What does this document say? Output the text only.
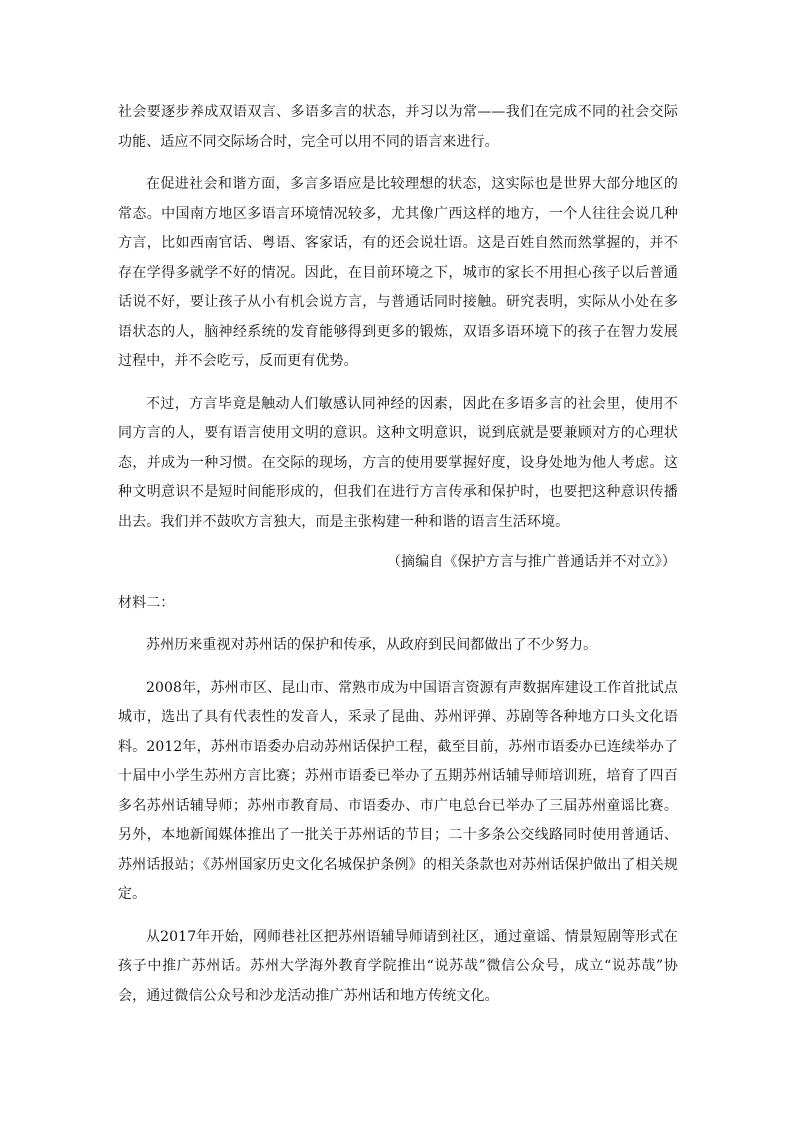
社会要逐步养成双语双言、多语多言的状态，并习以为常——我们在完成不同的社会交际功能、适应不同交际场合时，完全可以用不同的语言来进行。

在促进社会和谐方面，多言多语应是比较理想的状态，这实际也是世界大部分地区的常态。中国南方地区多语言环境情况较多，尤其像广西这样的地方，一个人往往会说几种方言，比如西南官话、粤语、客家话，有的还会说壮语。这是百姓自然而然掌握的，并不存在学得多就学不好的情况。因此，在目前环境之下，城市的家长不用担心孩子以后普通话说不好，要让孩子从小有机会说方言，与普通话同时接触。研究表明，实际从小处在多语状态的人，脑神经系统的发育能够得到更多的锻炼，双语多语环境下的孩子在智力发展过程中，并不会吃亏，反而更有优势。

不过，方言毕竟是触动人们敏感认同神经的因素，因此在多语多言的社会里，使用不同方言的人，要有语言使用文明的意识。这种文明意识，说到底就是要兼顾对方的心理状态，并成为一种习惯。在交际的现场，方言的使用要掌握好度，设身处地为他人考虑。这种文明意识不是短时间能形成的，但我们在进行方言传承和保护时，也要把这种意识传播出去。我们并不鼓吹方言独大，而是主张构建一种和谐的语言生活环境。

（摘编自《保护方言与推广普通话并不对立》）

材料二：

苏州历来重视对苏州话的保护和传承，从政府到民间都做出了不少努力。

2008年，苏州市区、昆山市、常熟市成为中国语言资源有声数据库建设工作首批试点城市，选出了具有代表性的发音人，采录了昆曲、苏州评弹、苏剧等各种地方口头文化语料。2012年，苏州市语委办启动苏州话保护工程，截至目前，苏州市语委办已连续举办了十届中小学生苏州方言比赛；苏州市语委已举办了五期苏州话辅导师培训班，培育了四百多名苏州话辅导师；苏州市教育局、市语委办、市广电总台已举办了三届苏州童谣比赛。另外，本地新闻媒体推出了一批关于苏州话的节目；二十多条公交线路同时使用普通话、苏州话报站；《苏州国家历史文化名城保护条例》的相关条款也对苏州话保护做出了相关规定。

从2017年开始，网师巷社区把苏州语辅导师请到社区，通过童谣、情景短剧等形式在孩子中推广苏州话。苏州大学海外教育学院推出“说苏哉”微信公众号，成立“说苏哉”协会，通过微信公众号和沙龙活动推广苏州话和地方传统文化。
